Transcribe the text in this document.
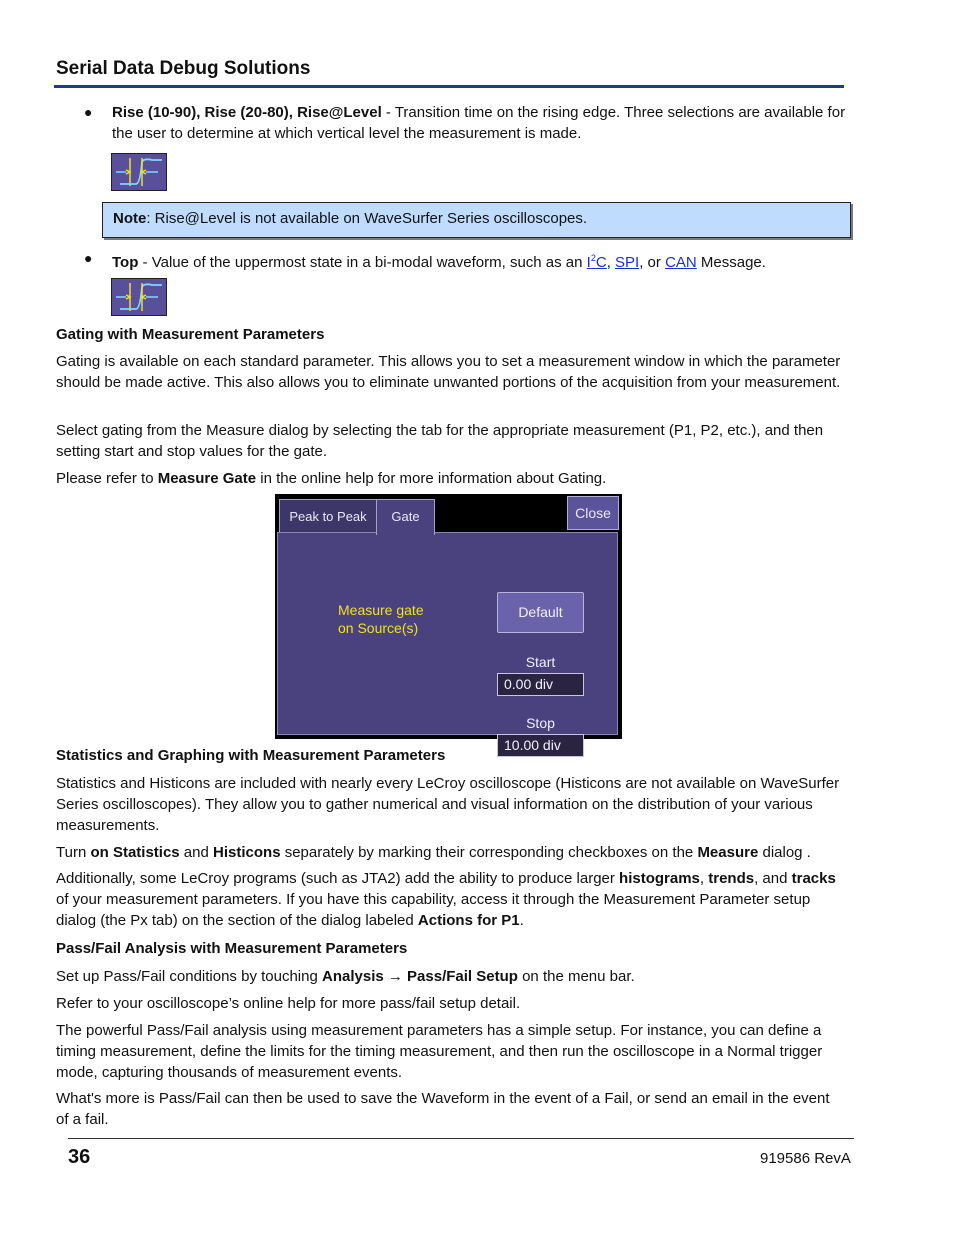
Serial Data Debug Solutions
● Rise (10-90), Rise (20-80), Rise@Level - Transition time on the rising edge. Three selections are available for the user to determine at which vertical level the measurement is made.
Note: Rise@Level is not available on WaveSurfer Series oscilloscopes.
● Top - Value of the uppermost state in a bi-modal waveform, such as an I$^2$C, SPI, or CAN Message.
Gating with Measurement Parameters
Gating is available on each standard parameter. This allows you to set a measurement window in which the parameter should be made active. This also allows you to eliminate unwanted portions of the acquisition from your measurement.
Select gating from the Measure dialog by selecting the tab for the appropriate measurement (P1, P2, etc.), and then setting start and stop values for the gate.
Please refer to Measure Gate in the online help for more information about Gating.
Peak to Peak	Gate	Close
Measure gate
on Source(s)
Default
Start
0.00 div
Stop
10.00 div
Statistics and Graphing with Measurement Parameters
Statistics and Histicons are included with nearly every LeCroy oscilloscope (Histicons are not available on WaveSurfer Series oscilloscopes). They allow you to gather numerical and visual information on the distribution of your various measurements.
Turn on Statistics and Histicons separately by marking their corresponding checkboxes on the Measure dialog .
Additionally, some LeCroy programs (such as JTA2) add the ability to produce larger histograms, trends, and tracks of your measurement parameters. If you have this capability, access it through the Measurement Parameter setup dialog (the Px tab) on the section of the dialog labeled Actions for P1.
Pass/Fail Analysis with Measurement Parameters
Set up Pass/Fail conditions by touching Analysis → Pass/Fail Setup on the menu bar.
Refer to your oscilloscope’s online help for more pass/fail setup detail.
The powerful Pass/Fail analysis using measurement parameters has a simple setup. For instance, you can define a timing measurement, define the limits for the timing measurement, and then run the oscilloscope in a Normal trigger mode, capturing thousands of measurement events.
What's more is Pass/Fail can then be used to save the Waveform in the event of a Fail, or send an email in the event of a fail.
36	919586 RevA
